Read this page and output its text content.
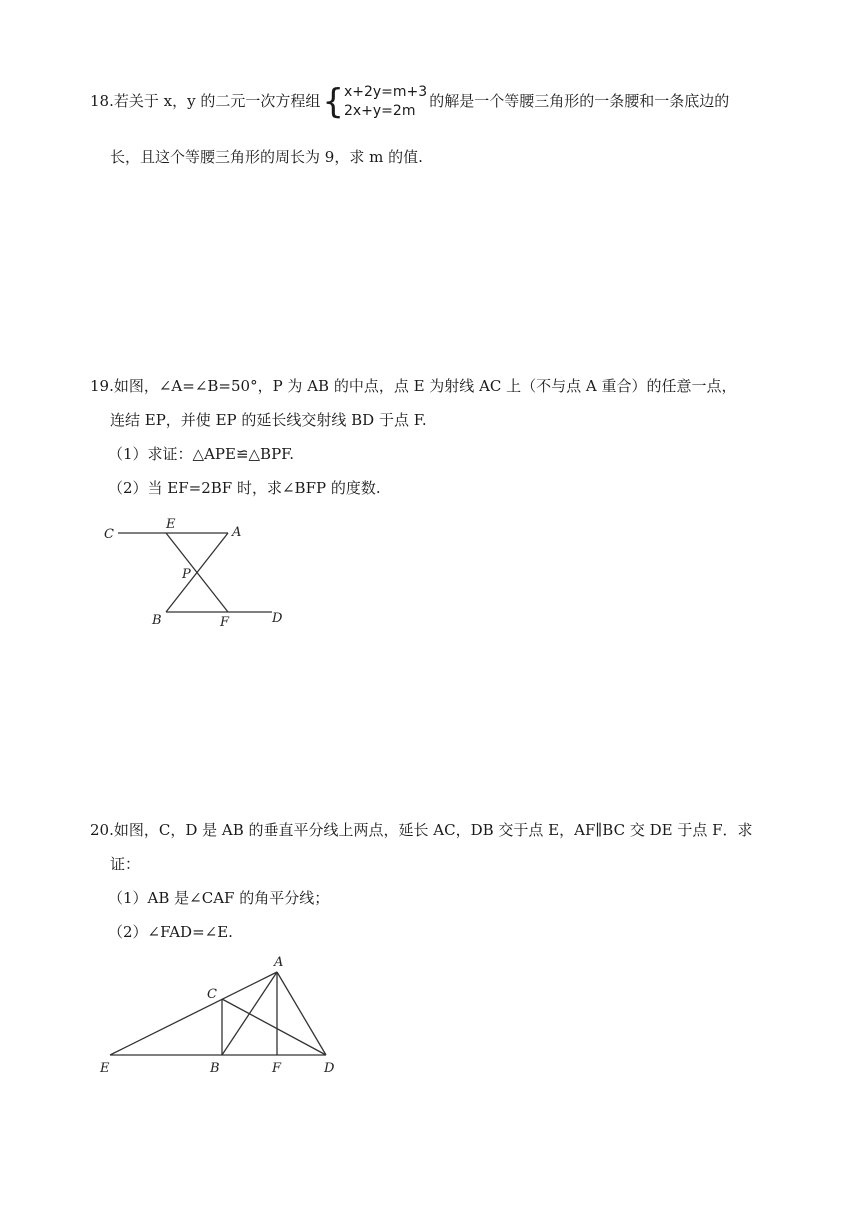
18.若关于 x，y 的二元一次方程组{ x+2y=m+3
2x+y=2m
的解是一个等腰三角形的一条腰和一条底边的
长，且这个等腰三角形的周长为 9，求 m 的值.
19.如图，∠A=∠B=50°，P 为 AB 的中点，点 E 为射线 AC 上（不与点 A 重合）的任意一点，
连结 EP，并使 EP 的延长线交射线 BD 于点 F.
（1）求证：△APE≌△BPF.
（2）当 EF=2BF 时，求∠BFP 的度数.
C
E
A
P
B	F	D
A
C
E	B	F	D
20.如图，C，D 是 AB 的垂直平分线上两点，延长 AC，DB 交于点 E，AF∥BC 交 DE 于点 F．求
证：
（1）AB 是∠CAF 的角平分线；
（2）∠FAD=∠E.
